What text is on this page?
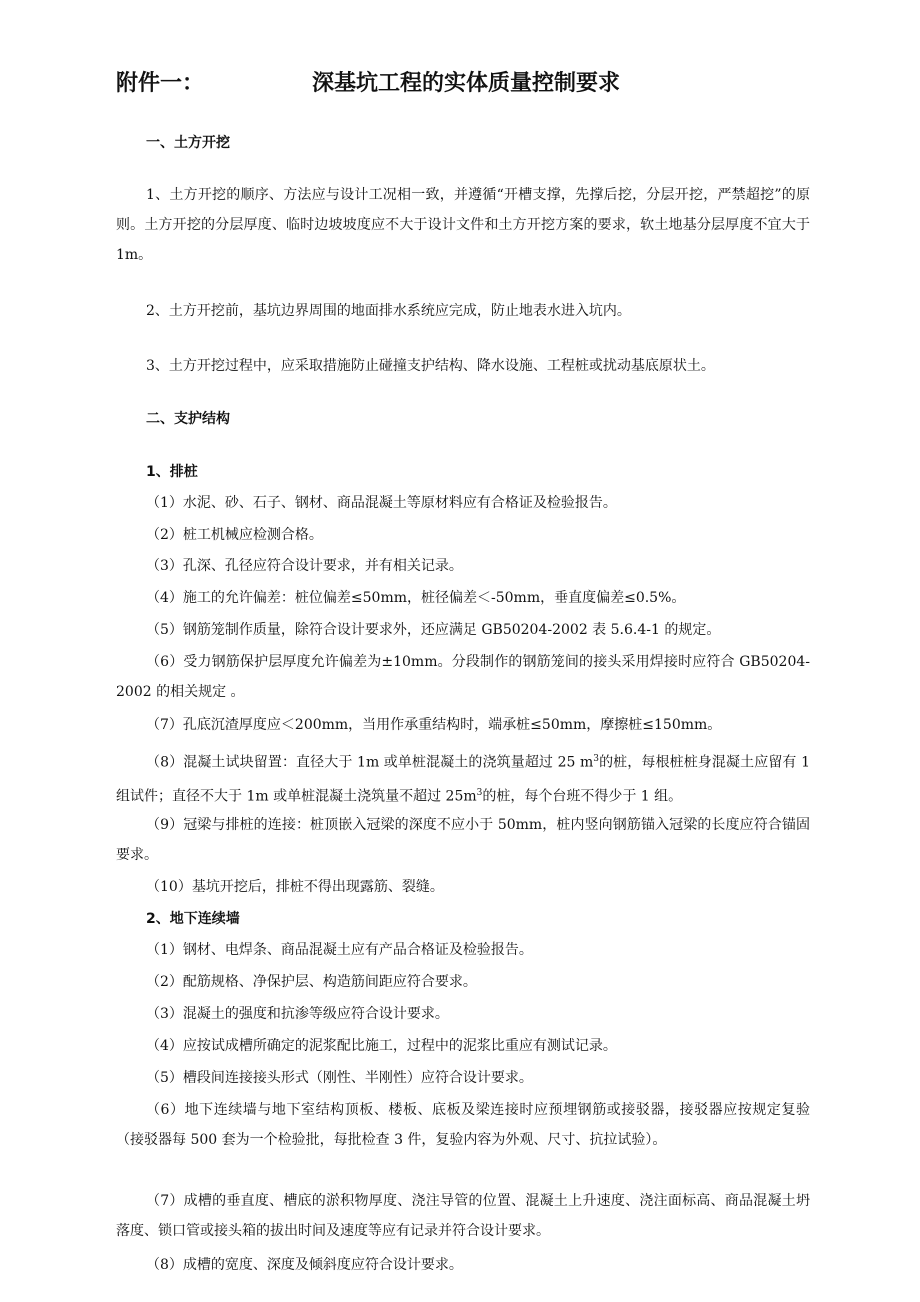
附件一：	深基坑工程的实体质量控制要求
一、土方开挖
1、土方开挖的顺序、方法应与设计工况相一致，并遵循“开槽支撑，先撑后挖，分层开挖，严禁超挖”的原则。土方开挖的分层厚度、临时边坡坡度应不大于设计文件和土方开挖方案的要求，软土地基分层厚度不宜大于 1m。
2、土方开挖前，基坑边界周围的地面排水系统应完成，防止地表水进入坑内。
3、土方开挖过程中，应采取措施防止碰撞支护结构、降水设施、工程桩或扰动基底原状土。
二、支护结构
1、排桩
（1）水泥、砂、石子、钢材、商品混凝土等原材料应有合格证及检验报告。
（2）桩工机械应检测合格。
（3）孔深、孔径应符合设计要求，并有相关记录。
（4）施工的允许偏差：桩位偏差≤50mm，桩径偏差＜-50mm，垂直度偏差≤0.5%。
（5）钢筋笼制作质量，除符合设计要求外，还应满足 GB50204-2002 表 5.6.4-1 的规定。
（6）受力钢筋保护层厚度允许偏差为±10mm。分段制作的钢筋笼间的接头采用焊接时应符合 GB50204-2002 的相关规定 。
（7）孔底沉渣厚度应＜200mm，当用作承重结构时，端承桩≤50mm，摩擦桩≤150mm。
（8）混凝土试块留置：直径大于 1m 或单桩混凝土的浇筑量超过 25 $m^3$的桩，每根桩桩身混凝土应留有 1 组试件；直径不大于 1m 或单桩混凝土浇筑量不超过 $25m^3$的桩，每个台班不得少于 1 组。
（9）冠梁与排桩的连接：桩顶嵌入冠梁的深度不应小于 50mm，桩内竖向钢筋锚入冠梁的长度应符合锚固要求。
（10）基坑开挖后，排桩不得出现露筋、裂缝。
2、地下连续墙
（1）钢材、电焊条、商品混凝土应有产品合格证及检验报告。
（2）配筋规格、净保护层、构造筋间距应符合要求。
（3）混凝土的强度和抗渗等级应符合设计要求。
（4）应按试成槽所确定的泥浆配比施工，过程中的泥浆比重应有测试记录。
（5）槽段间连接接头形式（刚性、半刚性）应符合设计要求。
（6）地下连续墙与地下室结构顶板、楼板、底板及梁连接时应预埋钢筋或接驳器，接驳器应按规定复验（接驳器每 500 套为一个检验批，每批检查 3 件，复验内容为外观、尺寸、抗拉试验）。
（7）成槽的垂直度、槽底的淤积物厚度、浇注导管的位置、混凝土上升速度、浇注面标高、商品混凝土坍落度、锁口管或接头箱的拔出时间及速度等应有记录并符合设计要求。
（8）成槽的宽度、深度及倾斜度应符合设计要求。
